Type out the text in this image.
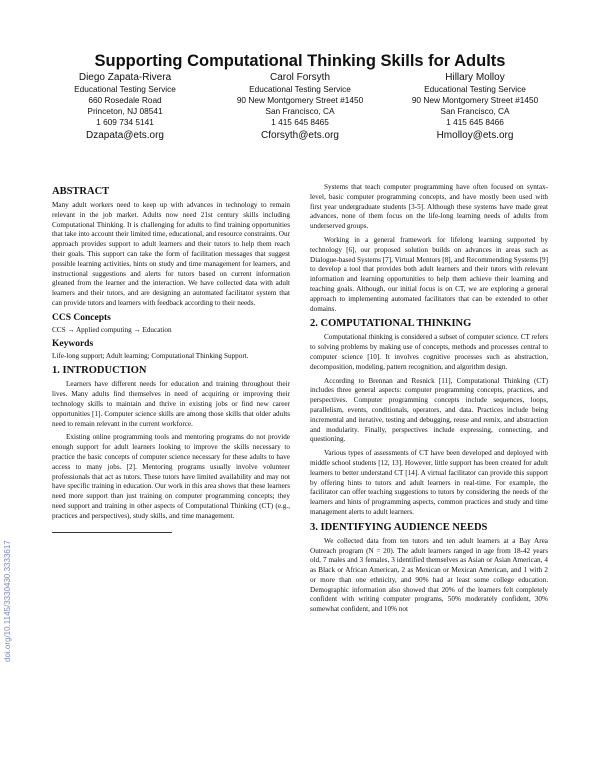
Supporting Computational Thinking Skills for Adults
Diego Zapata-Rivera
Educational Testing Service
660 Rosedale Road
Princeton, NJ 08541
1 609 734 5141
Dzapata@ets.org
Carol Forsyth
Educational Testing Service
90 New Montgomery Street #1450
San Francisco, CA
1 415 645 8465
Cforsyth@ets.org
Hillary Molloy
Educational Testing Service
90 New Montgomery Street #1450
San Francisco, CA
1 415 645 8466
Hmolloy@ets.org
doi.org/10.1145/3330430.3333617
ABSTRACT

Many adult workers need to keep up with advances in technology to remain relevant in the job market. Adults now need 21st century skills including Computational Thinking. It is challenging for adults to find training opportunities that take into account their limited time, educational, and resource constraints. Our approach provides support to adult learners and their tutors to help them reach their goals. This support can take the form of facilitation messages that suggest possible learning activities, hints on study and time management for learners, and instructional suggestions and alerts for tutors based on current information gleaned from the learner and the interaction. We have collected data with adult learners and their tutors, and are designing an automated facilitator system that can provide tutors and learners with feedback according to their needs.

CCS Concepts

CCS → Applied computing → Education

Keywords

Life-long support; Adult learning; Computational Thinking Support.

1. INTRODUCTION

Learners have different needs for education and training throughout their lives. Many adults find themselves in need of acquiring or improving their technology skills to maintain and thrive in existing jobs or find new career opportunities [1]. Computer science skills are among those skills that older adults need to remain relevant in the current workforce.

Existing online programming tools and mentoring programs do not provide enough support for adult learners looking to improve the skills necessary to practice the basic concepts of computer science necessary for these adults to have access to many jobs. [2]. Mentoring programs usually involve volunteer professionals that act as tutors. These tutors have limited availability and may not have specific training in education. Our work in this area shows that these learners need more support than just training on computer programming concepts; they need support and training in other aspects of Computational Thinking (CT) (e.g., practices and perspectives), study skills, and time management.

Systems that teach computer programming have often focused on syntax-level, basic computer programming concepts, and have mostly been used with first year undergraduate students [3-5]. Although these systems have made great advances, none of them focus on the life-long learning needs of adults from underserved groups.

Working in a general framework for lifelong learning supported by technology [6], our proposed solution builds on advances in areas such as Dialogue-based Systems [7], Virtual Mentors [8], and Recommending Systems [9] to develop a tool that provides both adult learners and their tutors with relevant information and learning opportunities to help them achieve their learning and teaching goals. Although, our initial focus is on CT, we are exploring a general approach to implementing automated facilitators that can be extended to other domains.

2. COMPUTATIONAL THINKING

Computational thinking is considered a subset of computer science. CT refers to solving problems by making use of concepts, methods and processes central to computer science [10]. It involves cognitive processes such as abstraction, decomposition, modeling, pattern recognition, and algorithm design.

According to Brennan and Resnick [11], Computational Thinking (CT) includes three general aspects: computer programming concepts, practices, and perspectives. Computer programming concepts include sequences, loops, parallelism, events, conditionals, operators, and data. Practices include being incremental and iterative, testing and debugging, reuse and remix, and abstraction and modularity. Finally, perspectives include expressing, connecting, and questioning.

Various types of assessments of CT have been developed and deployed with middle school students [12, 13]. However, little support has been created for adult learners to better understand CT [14]. A virtual facilitator can provide this support by offering hints to tutors and adult learners in real-time. For example, the facilitator can offer teaching suggestions to tutors by considering the needs of the learners and hints of programming aspects, common practices and study and time management alerts to adult learners.

3. IDENTIFYING AUDIENCE NEEDS

We collected data from ten tutors and ten adult learners at a Bay Area Outreach program (N = 20). The adult learners ranged in age from 18-42 years old, 7 males and 3 females, 3 identified themselves as Asian or Asian American, 4 as Black or African American, 2 as Mexican or Mexican American, and 1 with 2 or more than one ethnicity, and 90% had at least some college education. Demographic information also showed that 20% of the learners felt completely confident with writing computer programs, 50% moderately confident, 30% somewhat confident, and 10% not
